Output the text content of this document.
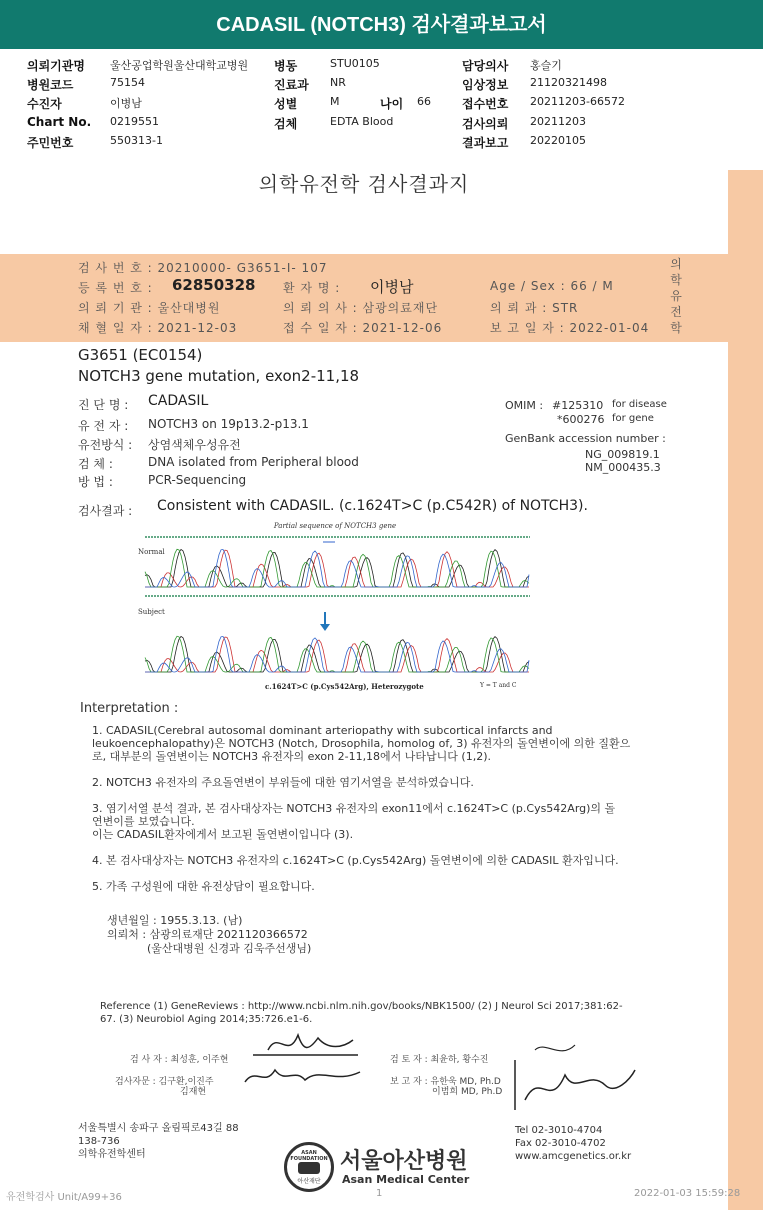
CADASIL (NOTCH3) 검사결과보고서
의뢰기관명 울산공업학원울산대학교병원
병원코드	75154
수진자	이병남
Chart No. 0219551
주민번호	550313-1
병동	STU0105
진료과 NR
성별	M	나이 66
검체	EDTA Blood
담당의사 홍슬기
임상정보 21120321498
접수번호 20211203-66572
검사의뢰 20211203
결과보고 20220105
의학유전학 검사결과지
검 사 번 호 : 20210000- G3651-I- 107
등 록 번 호 : 62850328 환 자 명 : 이병남	Age / Sex : 66 / M
의 뢰 기 관 : 울산대병원	의 뢰 의 사 : 삼광의료재단	의 뢰 과 : STR
채 혈 일 자 : 2021-12-03	접 수 일 자 : 2021-12-06	보 고 일 자 : 2022-01-04
의
학
유
전
학
G3651 (EC0154)
NOTCH3 gene mutation, exon2-11,18
진 단 명 : CADASIL
유 전 자 : NOTCH3 on 19p13.2-p13.1
유전방식 : 상염색체우성유전
검 체 :	DNA isolated from Peripheral blood
방 법 :	PCR-Sequencing
OMIM : #125310 for disease
*600276 for gene
GenBank accession number :
NG_009819.1
NM_000435.3
검사결과 : Consistent with CADASIL. (c.1624T>C (p.C542R) of NOTCH3).
Partial sequence of NOTCH3 gene
Normal
Subject
c.1624T>C (p.Cys542Arg), Heterozygote	Y = T and C
Interpretation :
1. CADASIL(Cerebral autosomal dominant arteriopathy with subcortical infarcts and
leukoencephalopathy)은 NOTCH3 (Notch, Drosophila, homolog of, 3) 유전자의 돌연변이에 의한 질환으
로, 대부분의 돌연변이는 NOTCH3 유전자의 exon 2-11,18에서 나타납니다 (1,2).
2. NOTCH3 유전자의 주요돌연변이 부위들에 대한 염기서열을 분석하였습니다.
3. 염기서열 분석 결과, 본 검사대상자는 NOTCH3 유전자의 exon11에서 c.1624T>C (p.Cys542Arg)의 돌
연변이를 보였습니다.
이는 CADASIL환자에게서 보고된 돌연변이입니다 (3).
4. 본 검사대상자는 NOTCH3 유전자의 c.1624T>C (p.Cys542Arg) 돌연변이에 의한 CADASIL 환자입니다.
5. 가족 구성원에 대한 유전상담이 필요합니다.
생년월일 : 1955.3.13. (남)
의뢰처 : 삼광의료재단 2021120366572
(울산대병원 신경과 김욱주선생님)
Reference (1) GeneReviews : http://www.ncbi.nlm.nih.gov/books/NBK1500/ (2) J Neurol Sci 2017;381:62-
67. (3) Neurobiol Aging 2014;35:726.e1-6.
검 사 자 : 최성훈, 이주현	검 토 자 : 최윤하, 황수진
검사자문 : 김구환,이진주
김재현
보 고 자 : 유한욱 MD, Ph.D
이범희 MD, Ph.D
서울특별시 송파구 올림픽로43길 88
138-736
의학유전학센터
Tel 02-3010-4704
Fax 02-3010-4702
www.amcgenetics.or.kr
ASAN FOUNDATION
아산재단
서울아산병원
Asan Medical Center
유전학검사 Unit/A99+36	1	2022-01-03 15:59:28
